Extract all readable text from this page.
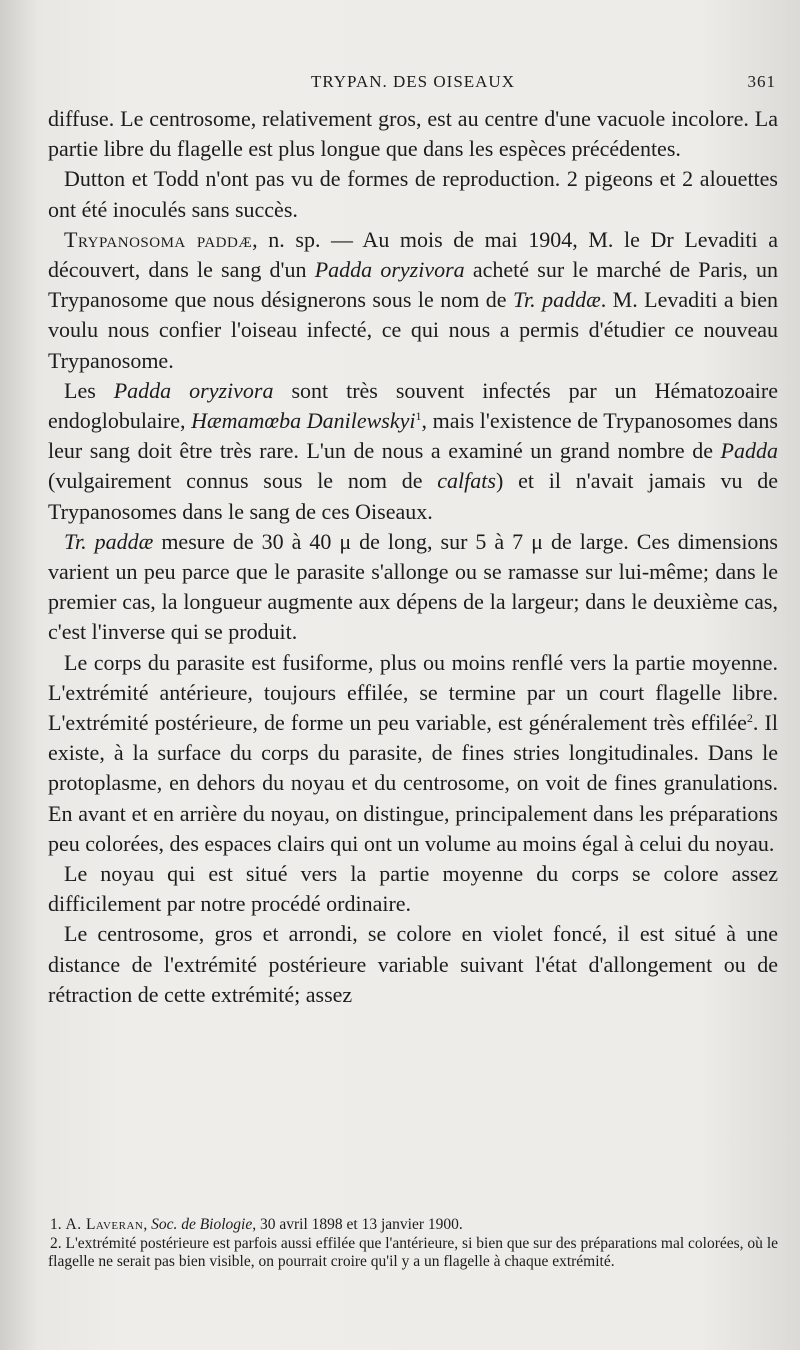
TRYPAN. DES OISEAUX	361

diffuse. Le centrosome, relativement gros, est au centre d'une vacuole incolore. La partie libre du flagelle est plus longue que dans les espèces précédentes.

Dutton et Todd n'ont pas vu de formes de reproduction. 2 pigeons et 2 alouettes ont été inoculés sans succès.

Trypanosoma paddæ, n. sp. — Au mois de mai 1904, M. le Dr Levaditi a découvert, dans le sang d'un Padda oryzivora acheté sur le marché de Paris, un Trypanosome que nous désignerons sous le nom de Tr. paddæ. M. Levaditi a bien voulu nous confier l'oiseau infecté, ce qui nous a permis d'étudier ce nouveau Trypanosome.

Les Padda oryzivora sont très souvent infectés par un Hématozoaire endoglobulaire, Hæmamœba Danilewskyi$^1$, mais l'existence de Trypanosomes dans leur sang doit être très rare. L'un de nous a examiné un grand nombre de Padda (vulgairement connus sous le nom de calfats) et il n'avait jamais vu de Trypanosomes dans le sang de ces Oiseaux.

Tr. paddæ mesure de 30 à 40 μ de long, sur 5 à 7 μ de large. Ces dimensions varient un peu parce que le parasite s'allonge ou se ramasse sur lui-même; dans le premier cas, la longueur augmente aux dépens de la largeur; dans le deuxième cas, c'est l'inverse qui se produit.

Le corps du parasite est fusiforme, plus ou moins renflé vers la partie moyenne. L'extrémité antérieure, toujours effilée, se termine par un court flagelle libre. L'extrémité postérieure, de forme un peu variable, est généralement très effilée$^2$. Il existe, à la surface du corps du parasite, de fines stries longitudinales. Dans le protoplasme, en dehors du noyau et du centrosome, on voit de fines granulations. En avant et en arrière du noyau, on distingue, principalement dans les préparations peu colorées, des espaces clairs qui ont un volume au moins égal à celui du noyau.

Le noyau qui est situé vers la partie moyenne du corps se colore assez difficilement par notre procédé ordinaire.

Le centrosome, gros et arrondi, se colore en violet foncé, il est situé à une distance de l'extrémité postérieure variable suivant l'état d'allongement ou de rétraction de cette extrémité; assez

1. A. Laveran, Soc. de Biologie, 30 avril 1898 et 13 janvier 1900.

2. L'extrémité postérieure est parfois aussi effilée que l'antérieure, si bien que sur des préparations mal colorées, où le flagelle ne serait pas bien visible, on pourrait croire qu'il y a un flagelle à chaque extrémité.
